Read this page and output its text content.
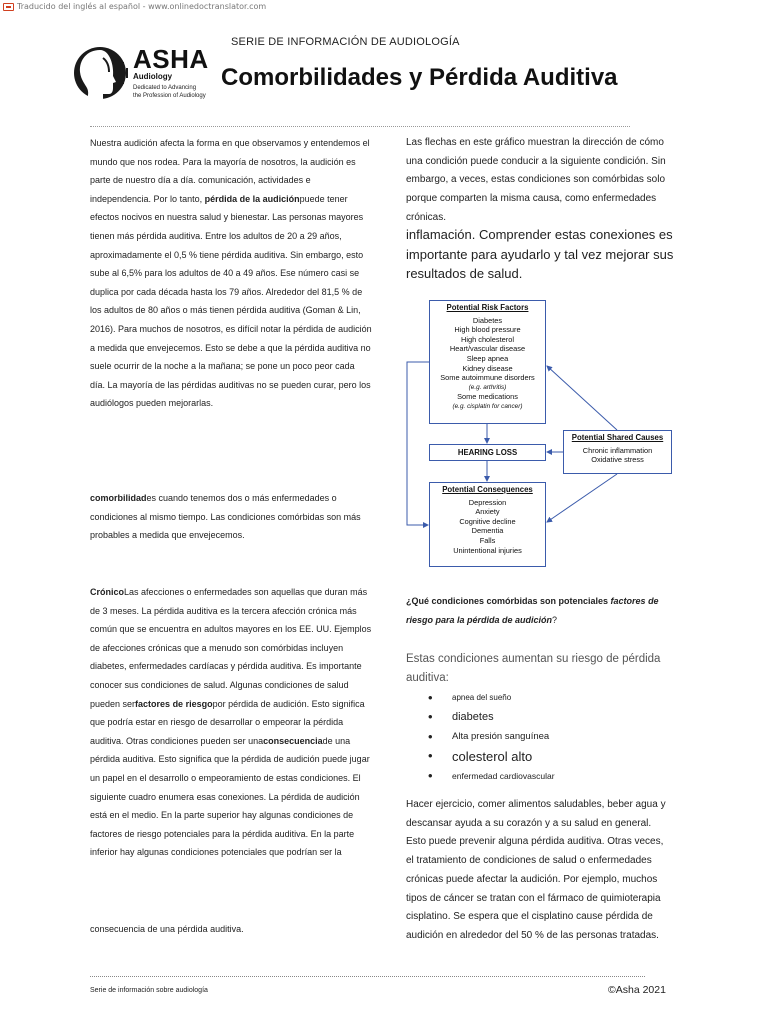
Traducido del inglés al español - www.onlinedoctranslator.com
ASHA
Audiology
Dedicated to Advancing
the Profession of Audiology
SERIE DE INFORMACIÓN DE AUDIOLOGÍA
Comorbilidades y Pérdida Auditiva
Nuestra audición afecta la forma en que observamos y entendemos el mundo que nos rodea. Para la mayoría de nosotros, la audición es parte de nuestro día a día. comunicación, actividades e independencia. Por lo tanto, pérdida de la audiciónpuede tener efectos nocivos en nuestra salud y bienestar. Las personas mayores tienen más pérdida auditiva. Entre los adultos de 20 a 29 años, aproximadamente el 0,5 % tiene pérdida auditiva. Sin embargo, esto sube al 6,5% para los adultos de 40 a 49 años. Ese número casi se duplica por cada década hasta los 79 años. Alrededor del 81,5 % de los adultos de 80 años o más tienen pérdida auditiva (Goman & Lin, 2016). Para muchos de nosotros, es difícil notar la pérdida de audición a medida que envejecemos. Esto se debe a que la pérdida auditiva no suele ocurrir de la noche a la mañana; se pone un poco peor cada día. La mayoría de las pérdidas auditivas no se pueden curar, pero los audiólogos pueden mejorarlas.
comorbilidades cuando tenemos dos o más enfermedades o condiciones al mismo tiempo. Las condiciones comórbidas son más probables a medida que envejecemos.
CrónicoLas afecciones o enfermedades son aquellas que duran más de 3 meses. La pérdida auditiva es la tercera afección crónica más común que se encuentra en adultos mayores en los EE. UU. Ejemplos de afecciones crónicas que a menudo son comórbidas incluyen diabetes, enfermedades cardíacas y pérdida auditiva. Es importante conocer sus condiciones de salud. Algunas condiciones de salud pueden serfactores de riesgopor pérdida de audición. Esto significa que podría estar en riesgo de desarrollar o empeorar la pérdida auditiva. Otras condiciones pueden ser unaconsecuenciade una pérdida auditiva. Esto significa que la pérdida de audición puede jugar un papel en el desarrollo o empeoramiento de estas condiciones. El siguiente cuadro enumera esas conexiones. La pérdida de audición está en el medio. En la parte superior hay algunas condiciones de factores de riesgo potenciales para la pérdida auditiva. En la parte inferior hay algunas condiciones potenciales que podrían ser la
consecuencia de una pérdida auditiva.
Las flechas en este gráfico muestran la dirección de cómo una condición puede conducir a la siguiente condición. Sin embargo, a veces, estas condiciones son comórbidas solo porque comparten la misma causa, como enfermedades crónicas.
inflamación. Comprender estas conexiones es importante para ayudarlo y tal vez mejorar sus resultados de salud.
Potential Risk Factors
Diabetes
High blood pressure
High cholesterol
Heart/vascular disease
Sleep apnea
Kidney disease
Some autoimmune disorders
(e.g. arthritis)
Some medications
(e.g. cisplatin for cancer)
HEARING LOSS
Potential Consequences
Depression
Anxiety
Cognitive decline
Dementia
Falls
Unintentional injuries
Potential Shared Causes
Chronic inflammation
Oxidative stress
¿Qué condiciones comórbidas son potenciales factores de riesgo para la pérdida de audición?
Estas condiciones aumentan su riesgo de pérdida auditiva:
• apnea del sueño
• diabetes
• Alta presión sanguínea
• colesterol alto
• enfermedad cardiovascular
Hacer ejercicio, comer alimentos saludables, beber agua y descansar ayuda a su corazón y a su salud en general. Esto puede prevenir alguna pérdida auditiva. Otras veces, el tratamiento de condiciones de salud o enfermedades crónicas puede afectar la audición. Por ejemplo, muchos tipos de cáncer se tratan con el fármaco de quimioterapia cisplatino. Se espera que el cisplatino cause pérdida de audición en alrededor del 50 % de las personas tratadas.
Serie de información sobre audiología	©Asha 2021
